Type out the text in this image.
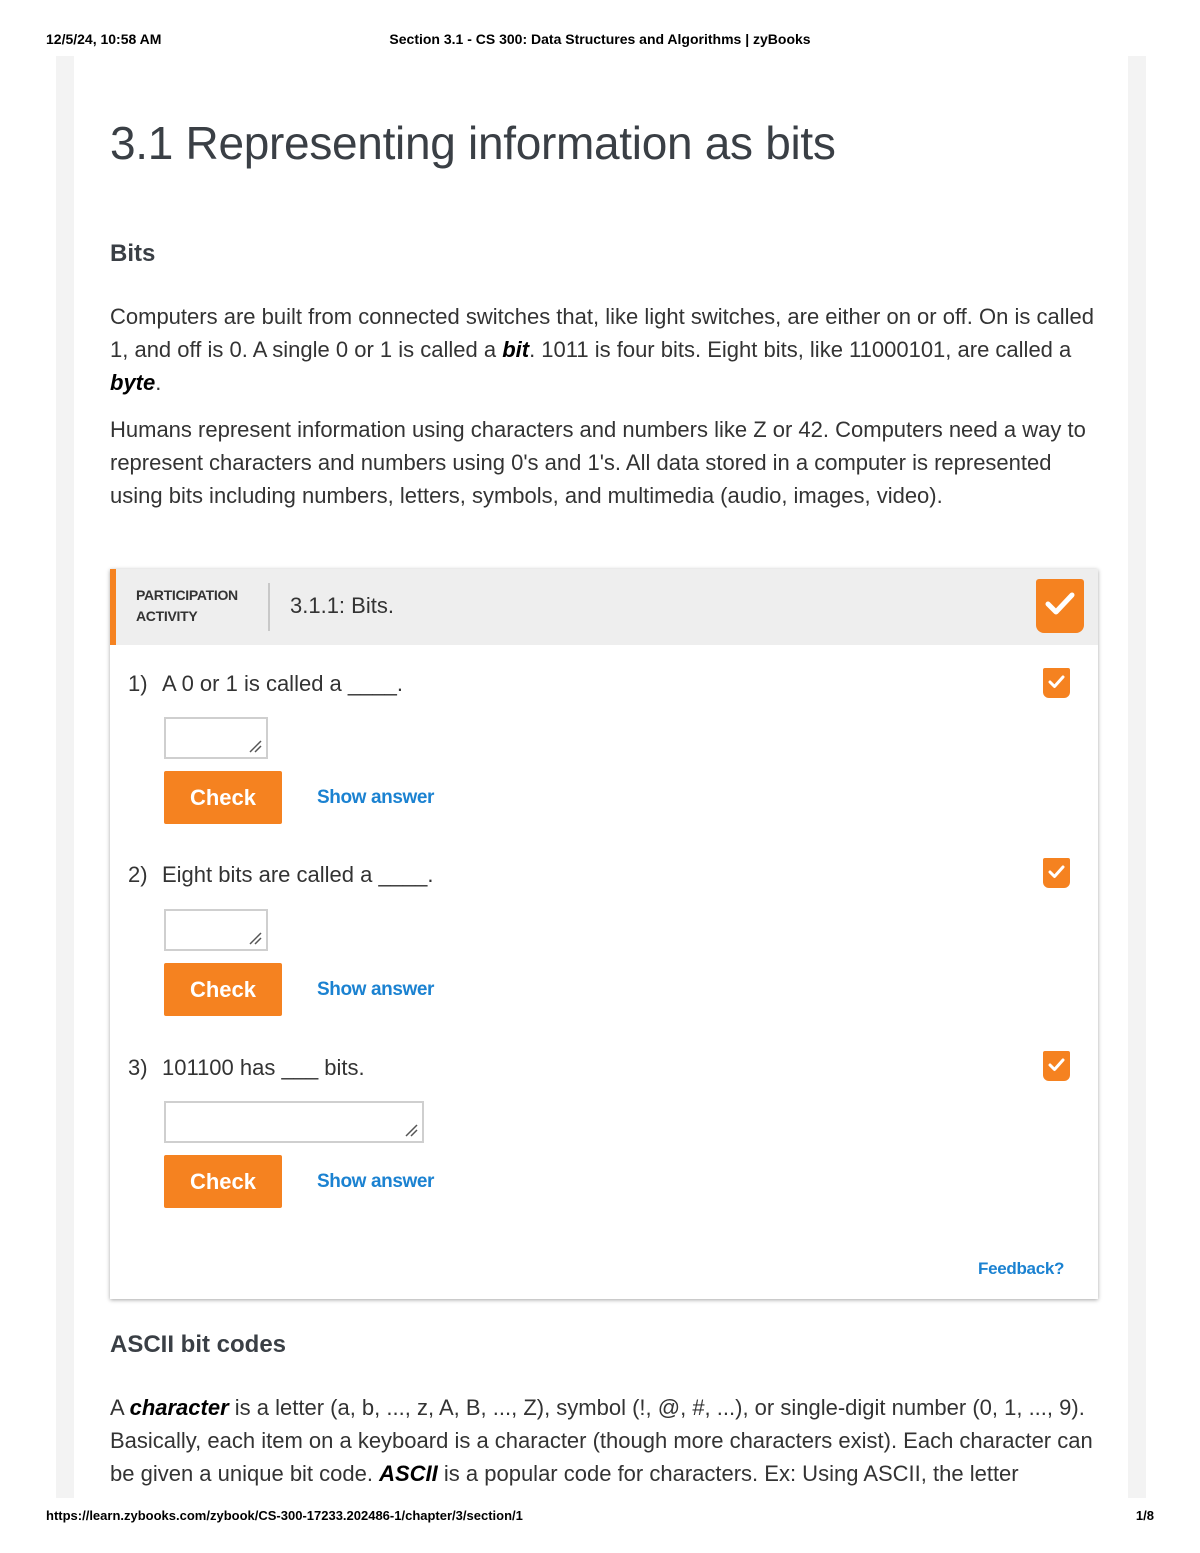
12/5/24, 10:58 AM	Section 3.1 - CS 300: Data Structures and Algorithms | zyBooks
3.1 Representing information as bits
Bits

Computers are built from connected switches that, like light switches, are either on or off. On is called 1, and off is 0. A single 0 or 1 is called a bit. 1011 is four bits. Eight bits, like 11000101, are called a byte.

Humans represent information using characters and numbers like Z or 42. Computers need a way to represent characters and numbers using 0's and 1's. All data stored in a computer is represented using bits including numbers, letters, symbols, and multimedia (audio, images, video).

PARTICIPATION
ACTIVITY	3.1.1: Bits.
1) A 0 or 1 is called a ____.
Check	Show answer
2) Eight bits are called a ____.
Check	Show answer
3) 101100 has ___ bits.
Check	Show answer
Feedback?
ASCII bit codes

A character is a letter (a, b, ..., z, A, B, ..., Z), symbol (!, @, #, ...), or single-digit number (0, 1, ..., 9). Basically, each item on a keyboard is a character (though more characters exist). Each character can be given a unique bit code. ASCII is a popular code for characters. Ex: Using ASCII, the letter

https://learn.zybooks.com/zybook/CS-300-17233.202486-1/chapter/3/section/1	1/8
